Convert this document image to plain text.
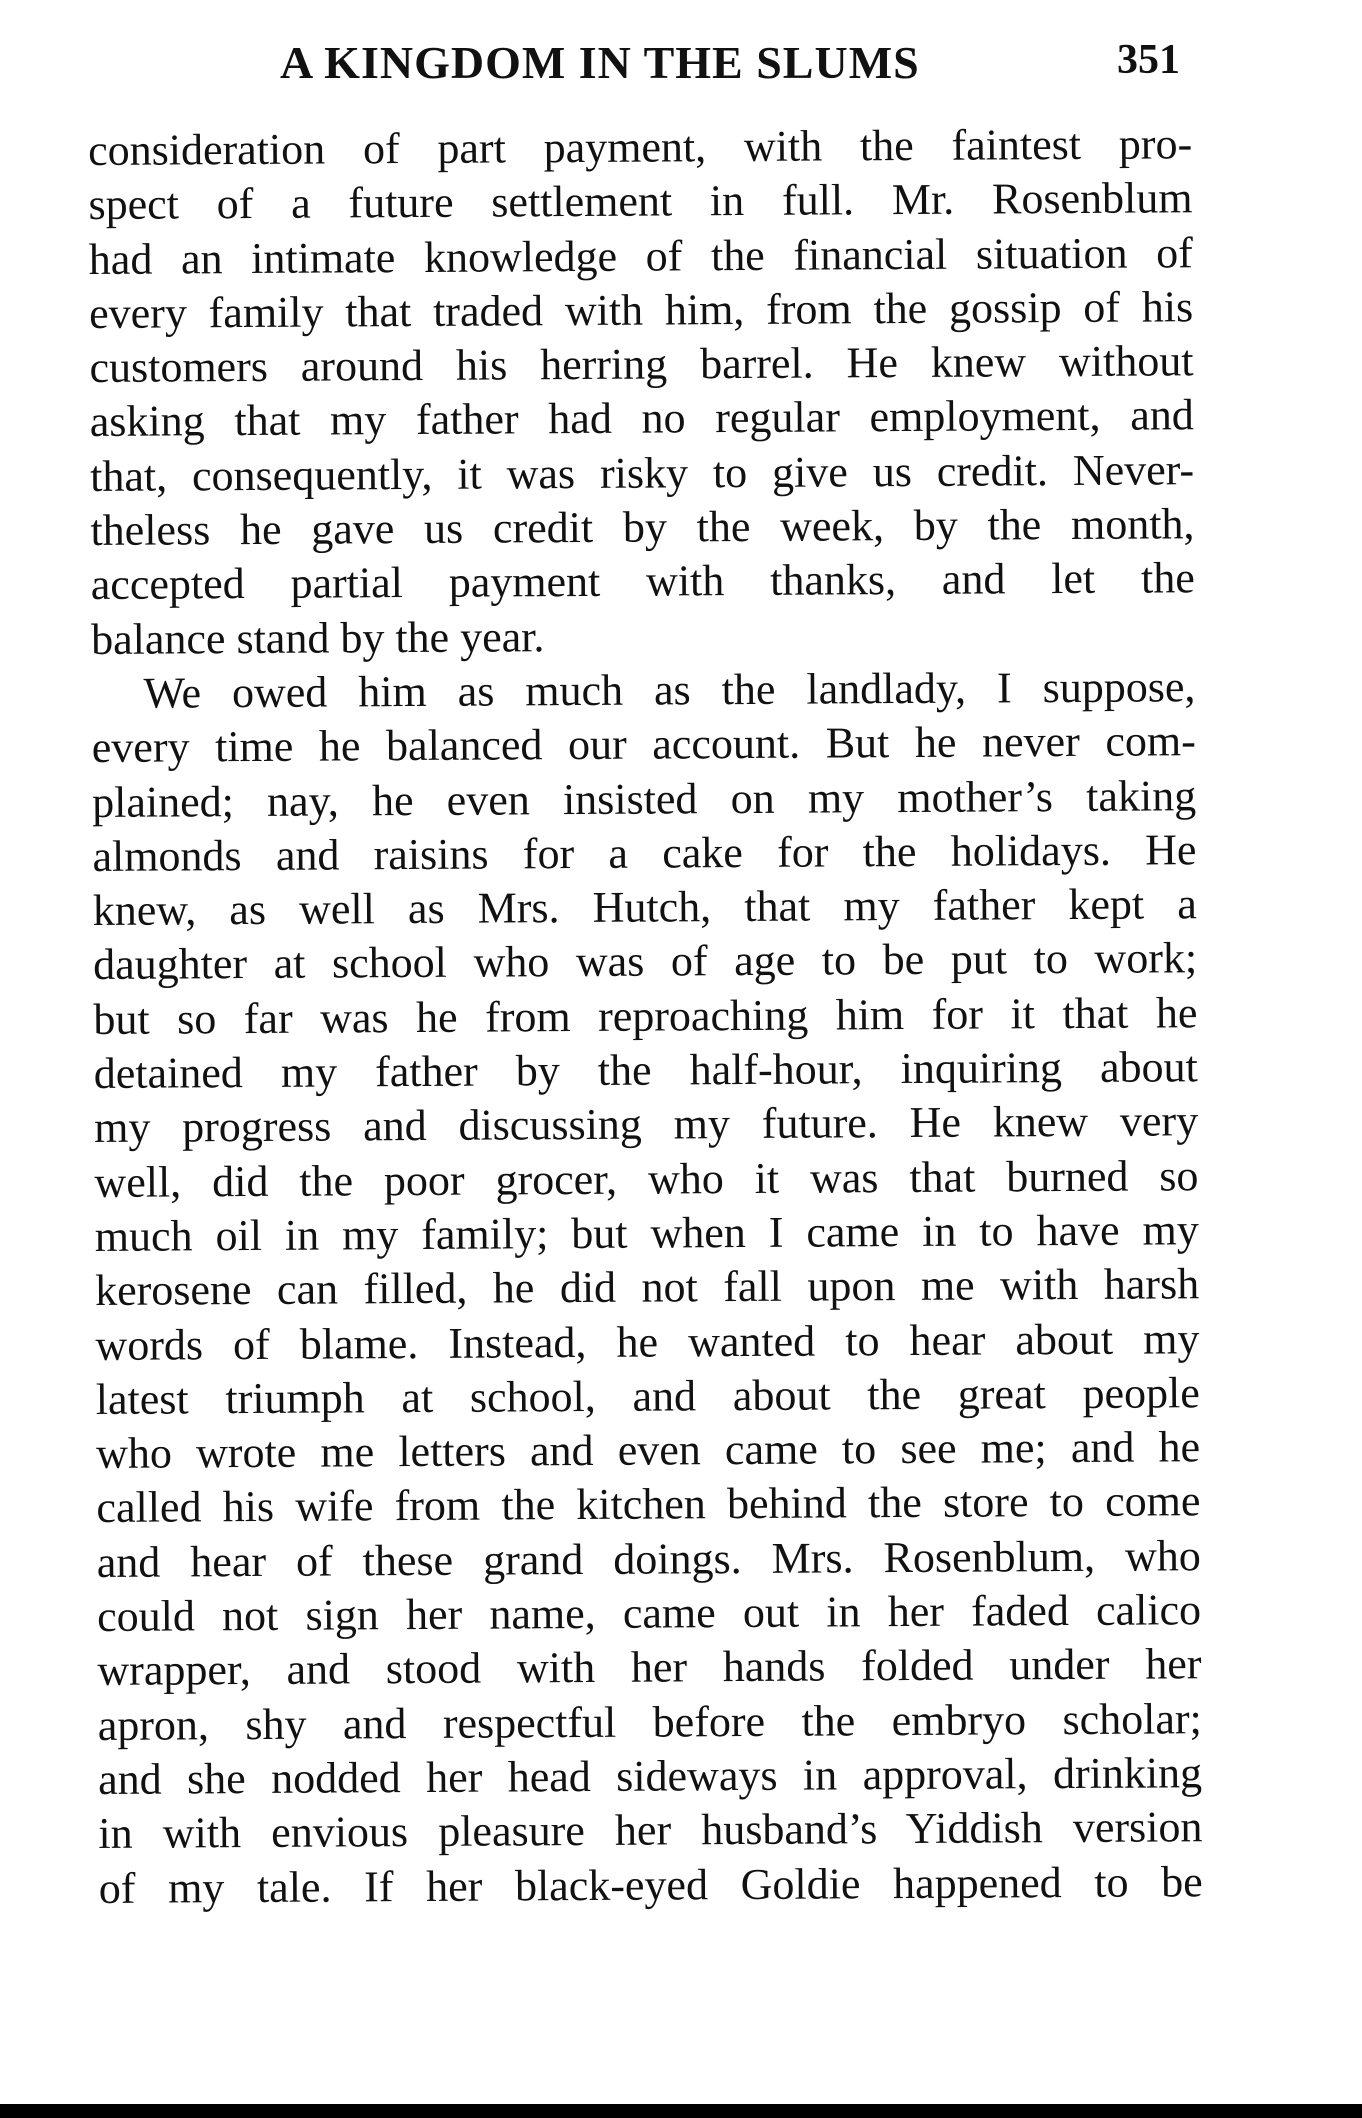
A KINGDOM IN THE SLUMS	351
consideration of part payment, with the faintest pro-
spect of a future settlement in full. Mr. Rosenblum
had an intimate knowledge of the financial situation of
every family that traded with him, from the gossip of his
customers around his herring barrel. He knew without
asking that my father had no regular employment, and
that, consequently, it was risky to give us credit. Never-
theless he gave us credit by the week, by the month,
accepted partial payment with thanks, and let the
balance stand by the year.
We owed him as much as the landlady, I suppose,
every time he balanced our account. But he never com-
plained; nay, he even insisted on my mother’s taking
almonds and raisins for a cake for the holidays. He
knew, as well as Mrs. Hutch, that my father kept a
daughter at school who was of age to be put to work;
but so far was he from reproaching him for it that he
detained my father by the half-hour, inquiring about
my progress and discussing my future. He knew very
well, did the poor grocer, who it was that burned so
much oil in my family; but when I came in to have my
kerosene can filled, he did not fall upon me with harsh
words of blame. Instead, he wanted to hear about my
latest triumph at school, and about the great people
who wrote me letters and even came to see me; and he
called his wife from the kitchen behind the store to come
and hear of these grand doings. Mrs. Rosenblum, who
could not sign her name, came out in her faded calico
wrapper, and stood with her hands folded under her
apron, shy and respectful before the embryo scholar;
and she nodded her head sideways in approval, drinking
in with envious pleasure her husband’s Yiddish version
of my tale. If her black-eyed Goldie happened to be
